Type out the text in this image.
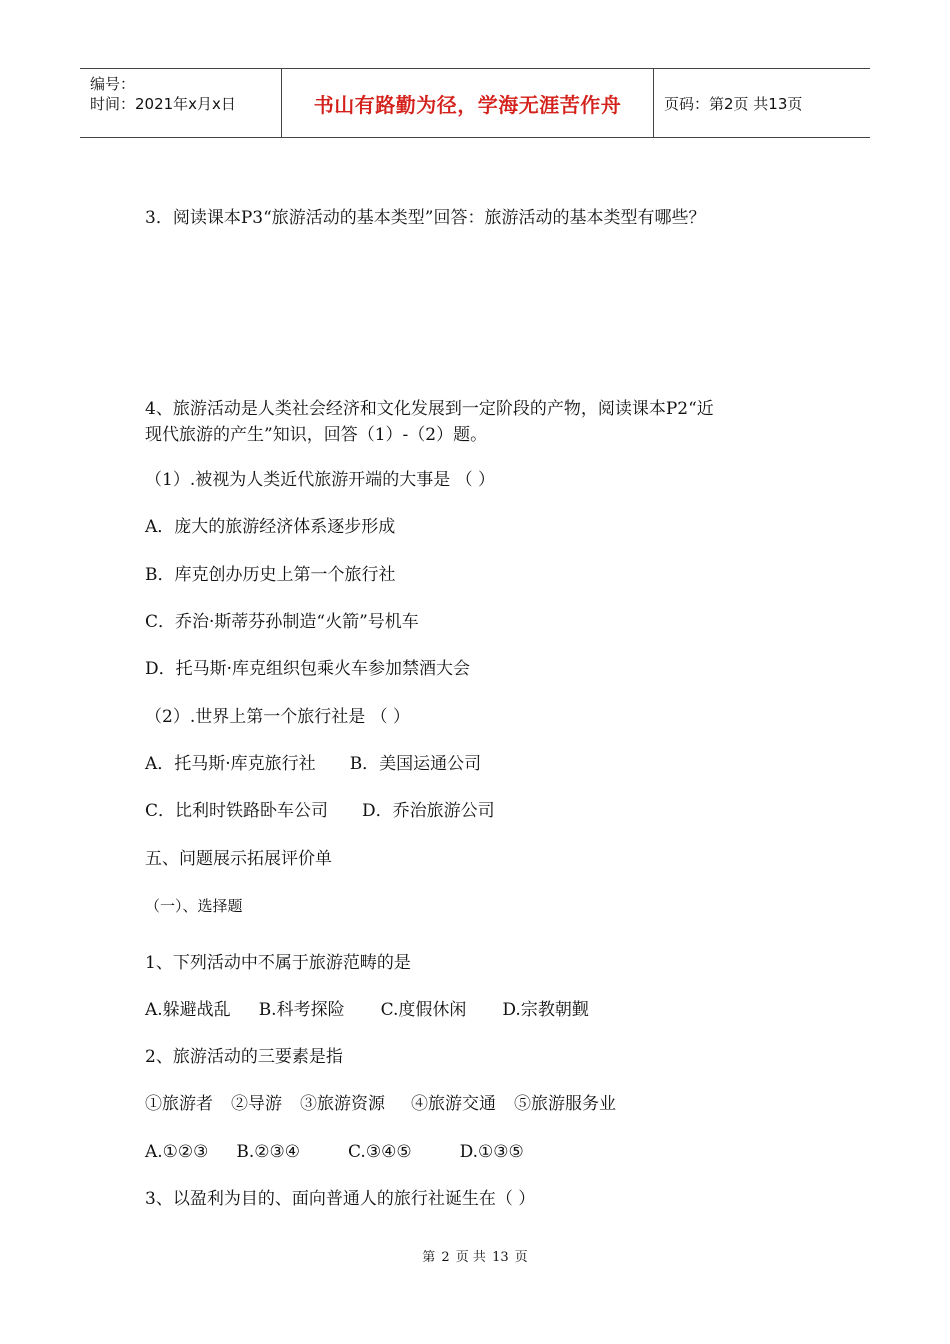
编号：
时间：2021年x月x日	书山有路勤为径，学海无涯苦作舟	页码：第2页 共13页
3．阅读课本P3“旅游活动的基本类型”回答：旅游活动的基本类型有哪些？
4、旅游活动是人类社会经济和文化发展到一定阶段的产物，阅读课本P2“近
现代旅游的产生”知识，回答（1）-（2）题。
（1）.被视为人类近代旅游开端的大事是 （ ）
A．庞大的旅游经济体系逐步形成
B．库克创办历史上第一个旅行社
C．乔治·斯蒂芬孙制造“火箭”号机车
D．托马斯·库克组织包乘火车参加禁酒大会
（2）.世界上第一个旅行社是 （ ）
A．托马斯·库克旅行社 B．美国运通公司
C．比利时铁路卧车公司 D．乔治旅游公司
五、问题展示拓展评价单
（一）、选择题
1、下列活动中不属于旅游范畴的是
A.躲避战乱 B.科考探险 C.度假休闲 D.宗教朝觐
2、旅游活动的三要素是指
①旅游者 ②导游 ③旅游资源 ④旅游交通 ⑤旅游服务业
A.①②③ B.②③④	C.③④⑤	D.①③⑤
3、以盈利为目的、面向普通人的旅行社诞生在（ ）
第 2 页 共 13 页
